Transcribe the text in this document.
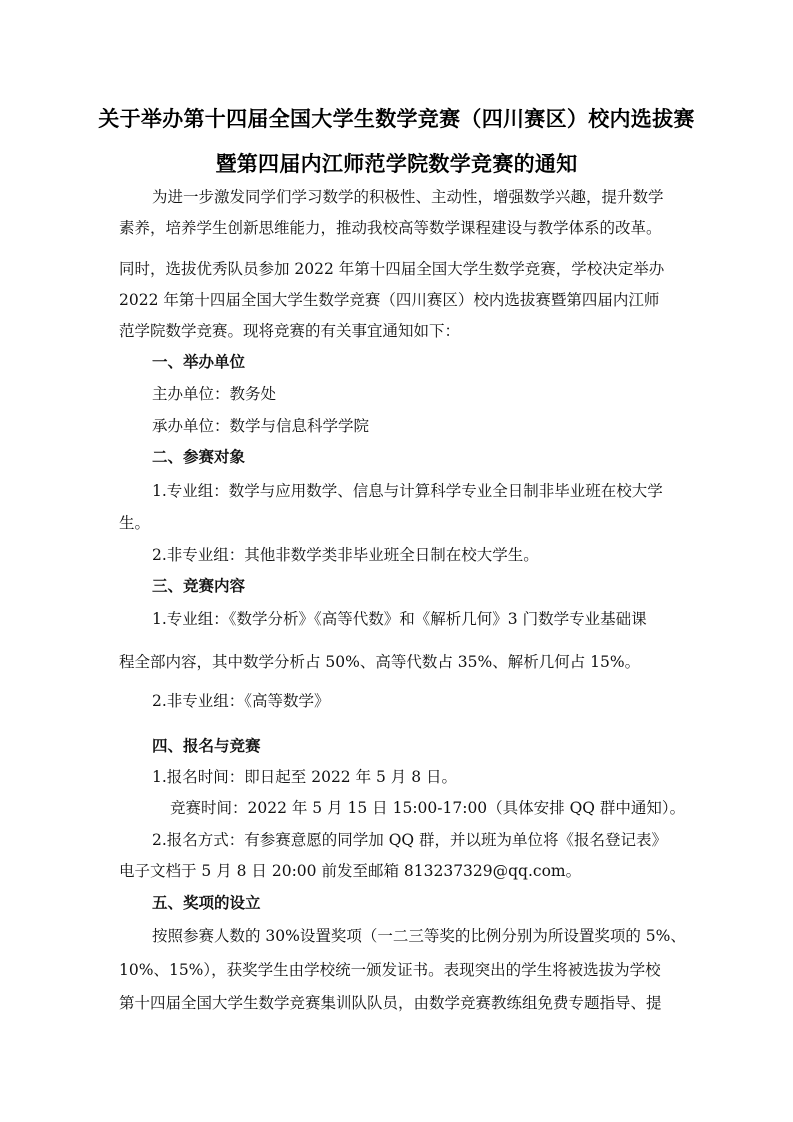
关于举办第十四届全国大学生数学竞赛（四川赛区）校内选拔赛
暨第四届内江师范学院数学竞赛的通知
为进一步激发同学们学习数学的积极性、主动性，增强数学兴趣，提升数学
素养，培养学生创新思维能力，推动我校高等数学课程建设与教学体系的改革。
同时，选拔优秀队员参加 2022 年第十四届全国大学生数学竞赛，学校决定举办
2022 年第十四届全国大学生数学竞赛（四川赛区）校内选拔赛暨第四届内江师
范学院数学竞赛。现将竞赛的有关事宜通知如下：
一、举办单位
主办单位：教务处
承办单位：数学与信息科学学院
二、参赛对象
1.专业组：数学与应用数学、信息与计算科学专业全日制非毕业班在校大学
生。
2.非专业组：其他非数学类非毕业班全日制在校大学生。
三、竞赛内容
1.专业组：《数学分析》《高等代数》和《解析几何》3 门数学专业基础课
程全部内容，其中数学分析占 50%、高等代数占 35%、解析几何占 15%。
2.非专业组：《高等数学》
四、报名与竞赛
1.报名时间：即日起至 2022 年 5 月 8 日。
竞赛时间：2022 年 5 月 15 日 15:00-17:00（具体安排 QQ 群中通知）。
2.报名方式：有参赛意愿的同学加 QQ 群，并以班为单位将《报名登记表》
电子文档于 5 月 8 日 20:00 前发至邮箱 813237329@qq.com。
五、奖项的设立
按照参赛人数的 30%设置奖项（一二三等奖的比例分别为所设置奖项的 5%、
10%、15%），获奖学生由学校统一颁发证书。表现突出的学生将被选拔为学校
第十四届全国大学生数学竞赛集训队队员，由数学竞赛教练组免费专题指导、提
